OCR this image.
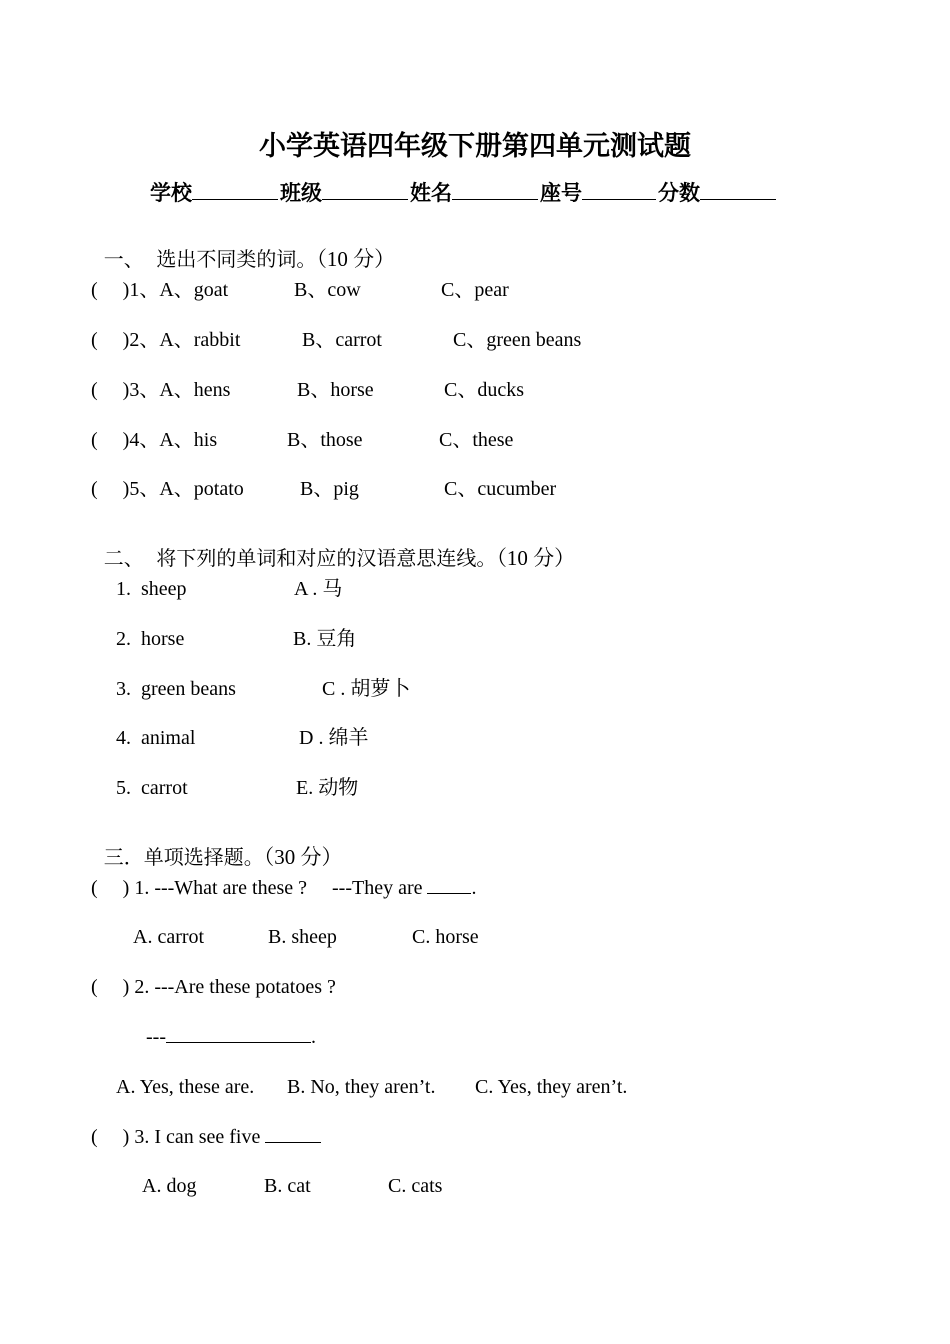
小学英语四年级下册第四单元测试题
学校	班级	姓名	座号	分数

一、  选出不同类的词。（10 分）

(     )1、A、goat	B、cow	C、pear
(     )2、A、rabbit	B、carrot	C、green beans
(     )3、A、hens	B、horse	C、ducks
(     )4、A、his	B、those	C、these
(     )5、A、potato	B、pig	C、cucumber

二、  将下列的单词和对应的汉语意思连线。（10 分）

1.  sheep	A . 马
2.  horse	B. 豆角
3.  green beans	C . 胡萝卜
4.  animal	D . 绵羊
5.  carrot	E. 动物

三．单项选择题。（30 分）

(     ) 1. ---What are these ?     ---They are .
A. carrot	B. sheep	C. horse
(     ) 2. ---Are these potatoes ?
---	.
A. Yes, these are. B. No, they aren’t. C. Yes, they aren’t.
(     ) 3. I can see five
A. dog	B. cat	C. cats
